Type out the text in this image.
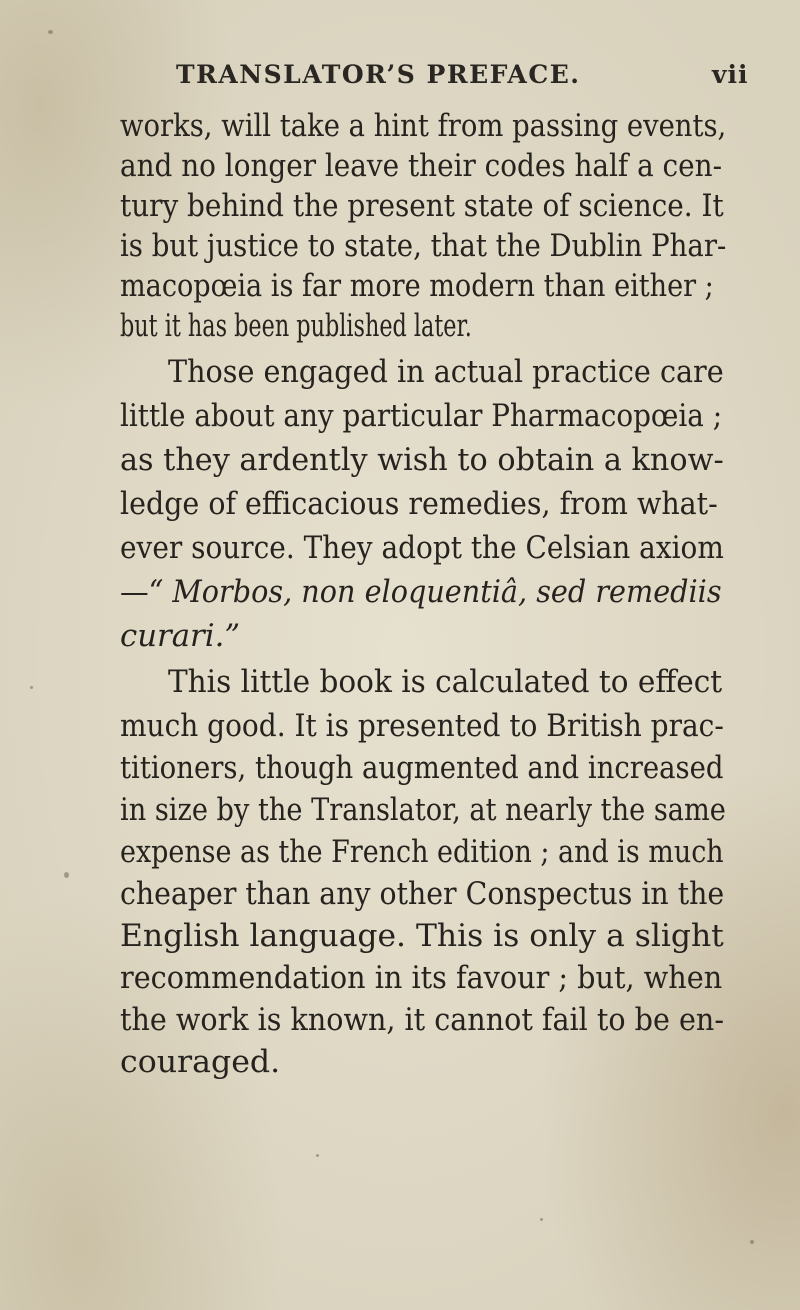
TRANSLATOR’S PREFACE.	vii
works, will take a hint from passing events,
and no longer leave their codes half a cen-
tury behind the present state of science. It
is but justice to state, that the Dublin Phar-
macopœia is far more modern than either ;
but it has been published later.
Those engaged in actual practice care
little about any particular Pharmacopœia ;
as they ardently wish to obtain a know-
ledge of efficacious remedies, from what-
ever source. They adopt the Celsian axiom
—“ Morbos, non eloquentiâ, sed remediis
curari.”
This little book is calculated to effect
much good. It is presented to British prac-
titioners, though augmented and increased
in size by the Translator, at nearly the same
expense as the French edition ; and is much
cheaper than any other Conspectus in the
English language. This is only a slight
recommendation in its favour ; but, when
the work is known, it cannot fail to be en-
couraged.
